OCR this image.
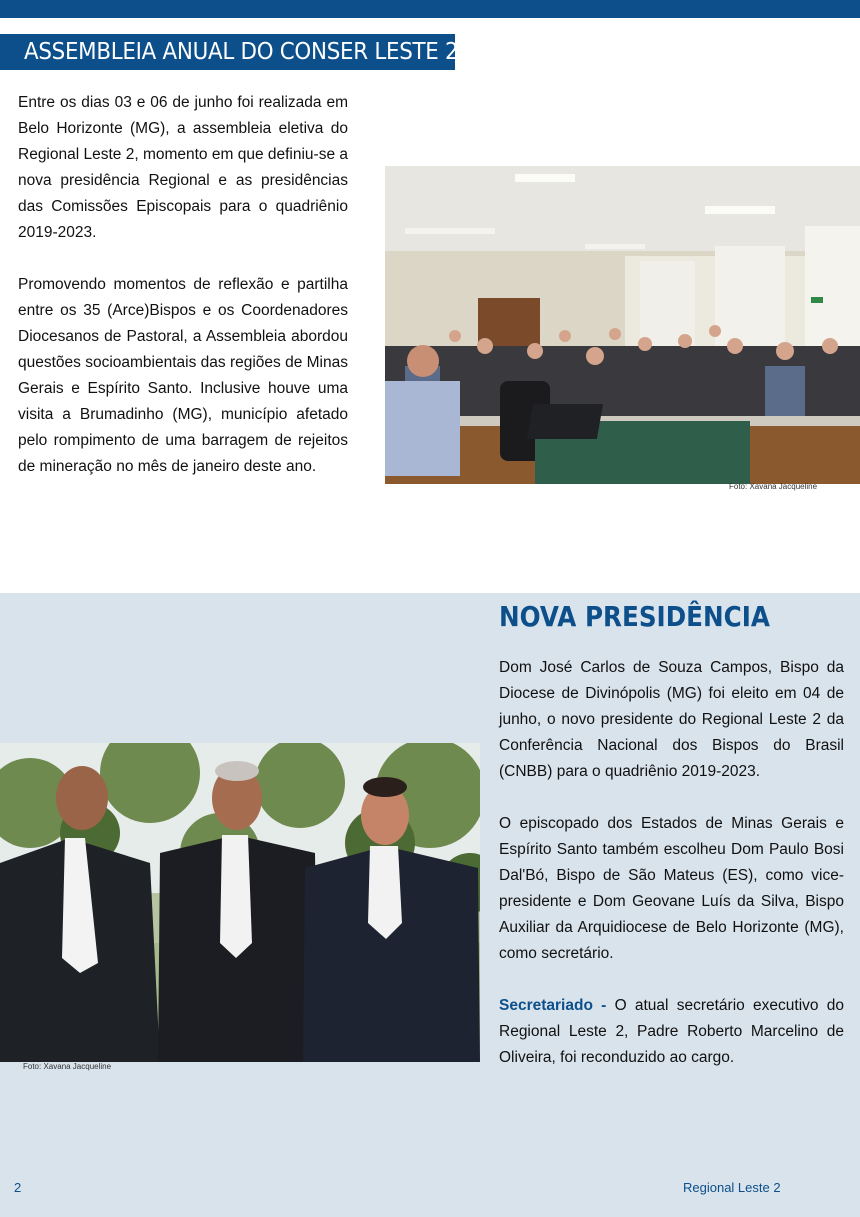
ASSEMBLEIA ANUAL DO CONSER LESTE 2

Entre os dias 03 e 06 de junho foi realizada em Belo Horizonte (MG), a assembleia eletiva do Regional Leste 2, momento em que definiu-se a nova presidência Regional e as presidências das Comissões Episcopais para o quadriênio 2019-2023.

Promovendo momentos de reflexão e partilha entre os 35 (Arce)Bispos e os Coordenadores Diocesanos de Pastoral, a Assembleia abordou questões socioambientais das regiões de Minas Gerais e Espírito Santo. Inclusive houve uma visita a Brumadinho (MG), município afetado pelo rompimento de uma barragem de rejeitos de mineração no mês de janeiro deste ano.

Foto: Xavana Jacqueline
NOVA PRESIDÊNCIA

Dom José Carlos de Souza Campos, Bispo da Diocese de Divinópolis (MG) foi eleito em 04 de junho, o novo presidente do Regional Leste 2 da Conferência Nacional dos Bispos do Brasil (CNBB) para o quadriênio 2019-2023.

O episcopado dos Estados de Minas Gerais e Espírito Santo também escolheu Dom Paulo Bosi Dal'Bó, Bispo de São Mateus (ES), como vice-presidente e Dom Geovane Luís da Silva, Bispo Auxiliar da Arquidiocese de Belo Horizonte (MG), como secretário.

Secretariado - O atual secretário executivo do Regional Leste 2, Padre Roberto Marcelino de Oliveira, foi reconduzido ao cargo.

Foto: Xavana Jacqueline
2	Regional Leste 2
